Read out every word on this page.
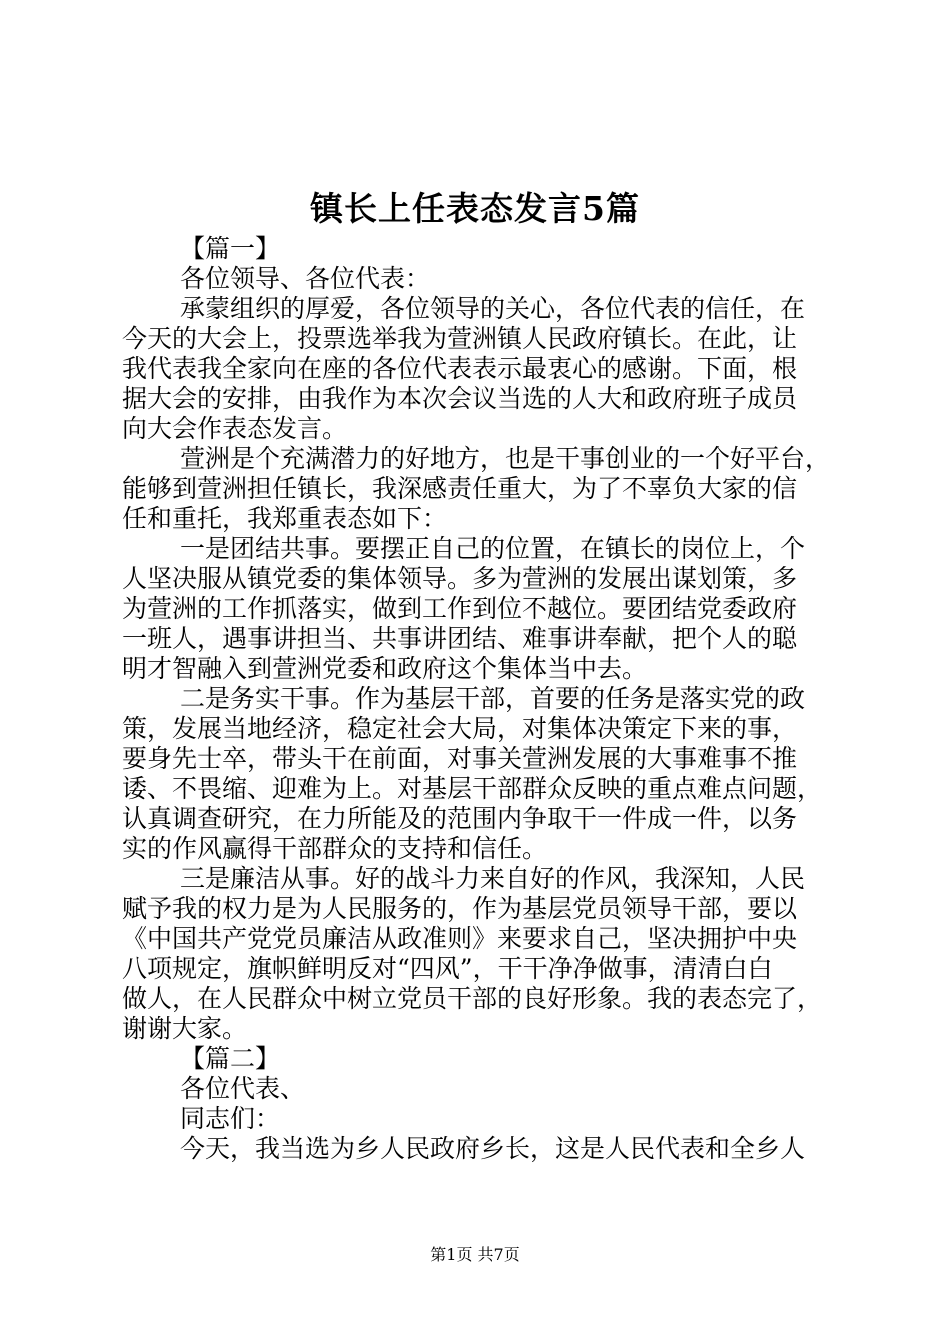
镇长上任表态发言5篇
【篇一】
各位领导、各位代表：
承蒙组织的厚爱，各位领导的关心，各位代表的信任，在
今天的大会上，投票选举我为萱洲镇人民政府镇长。在此，让
我代表我全家向在座的各位代表表示最衷心的感谢。下面，根
据大会的安排，由我作为本次会议当选的人大和政府班子成员
向大会作表态发言。
萱洲是个充满潜力的好地方，也是干事创业的一个好平台，
能够到萱洲担任镇长，我深感责任重大，为了不辜负大家的信
任和重托，我郑重表态如下：
一是团结共事。要摆正自己的位置，在镇长的岗位上，个
人坚决服从镇党委的集体领导。多为萱洲的发展出谋划策，多
为萱洲的工作抓落实，做到工作到位不越位。要团结党委政府
一班人，遇事讲担当、共事讲团结、难事讲奉献，把个人的聪
明才智融入到萱洲党委和政府这个集体当中去。
二是务实干事。作为基层干部，首要的任务是落实党的政
策，发展当地经济，稳定社会大局，对集体决策定下来的事，
要身先士卒，带头干在前面，对事关萱洲发展的大事难事不推
诿、不畏缩、迎难为上。对基层干部群众反映的重点难点问题，
认真调查研究，在力所能及的范围内争取干一件成一件，以务
实的作风赢得干部群众的支持和信任。
三是廉洁从事。好的战斗力来自好的作风，我深知，人民
赋予我的权力是为人民服务的，作为基层党员领导干部，要以
《中国共产党党员廉洁从政准则》来要求自己，坚决拥护中央
八项规定，旗帜鲜明反对“四风”，干干净净做事，清清白白
做人，在人民群众中树立党员干部的良好形象。我的表态完了，
谢谢大家。
【篇二】
各位代表、
同志们：
今天，我当选为乡人民政府乡长，这是人民代表和全乡人
第1页 共7页
